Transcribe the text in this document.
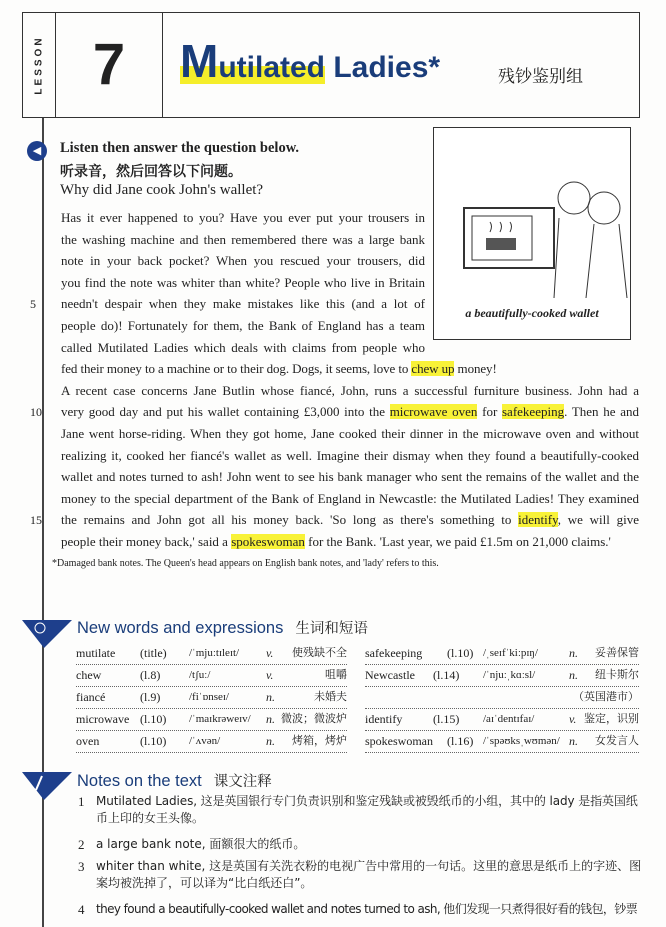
LESSON 7	Mutilated Ladies*	残钞鉴别组
◀	Listen then answer the question below.
听录音，然后回答以下问题。
Why did Jane cook John's wallet?
a beautifully-cooked wallet
Has it ever happened to you? Have you ever put your trousers in
the washing machine and then remembered there was a large bank
note in your back pocket? When you rescued your trousers, did
you find the note was whiter than white? People who live in Britain
needn't despair when they make mistakes like this (and a lot of
5
people do)! Fortunately for them, the Bank of England has a team
called Mutilated Ladies which deals with claims from people who
fed their money to a machine or to their dog. Dogs, it seems, love to chew up money!
A recent case concerns Jane Butlin whose fiancé, John, runs a successful furniture business. John had a
very good day and put his wallet containing £3,000 into the microwave oven for safekeeping. Then he and
10
Jane went horse-riding. When they got home, Jane cooked their dinner in the microwave oven and without
realizing it, cooked her fiancé's wallet as well. Imagine their dismay when they found a beautifully-cooked
wallet and notes turned to ash! John went to see his bank manager who sent the remains of the wallet and the
money to the special department of the Bank of England in Newcastle: the Mutilated Ladies! They examined
the remains and John got all his money back. 'So long as there's something to identify, we will give
15
people their money back,' said a spokeswoman for the Bank. 'Last year, we paid £1.5m on 21,000 claims.'
*Damaged bank notes. The Queen's head appears on English bank notes, and 'lady' refers to this.
New words and expressions 生词和短语
mutilate (title) /ˈmjuːtɪleɪt/ v. 使残缺不全
chew	(l.8)	/tʃuː/	v.	咀嚼
fiancé	(l.9)	/fiˈɒnseɪ/	n.	未婚夫
microwave (l.10) /ˈmaɪkrəweɪv/ n. 微波；微波炉
oven	(l.10) /ˈʌvən/	n. 烤箱，烤炉
safekeeping (l.10) /ˌseɪfˈkiːpɪŋ/	n. 妥善保管
Newcastle (l.14) /ˈnjuːˌkɑːsl/	n. 纽卡斯尔
（英国港市）
identify	(l.15) /aɪˈdentɪfaɪ/	v. 鉴定，识别
spokeswoman (l.16) /ˈspəʊksˌwʊmən/ n. 女发言人
Notes on the text 课文注释
1 Mutilated Ladies, 这是英国银行专门负责识别和鉴定残缺或被毁纸币的小组，其中的 lady 是指英国纸
币上印的女王头像。
2 a large bank note, 面额很大的纸币。
3 whiter than white, 这是英国有关洗衣粉的电视广告中常用的一句话。这里的意思是纸币上的字迹、图
案均被洗掉了，可以译为“比白纸还白”。
4 they found a beautifully-cooked wallet and notes turned to ash, 他们发现一只煮得很好看的钱包，钞票
